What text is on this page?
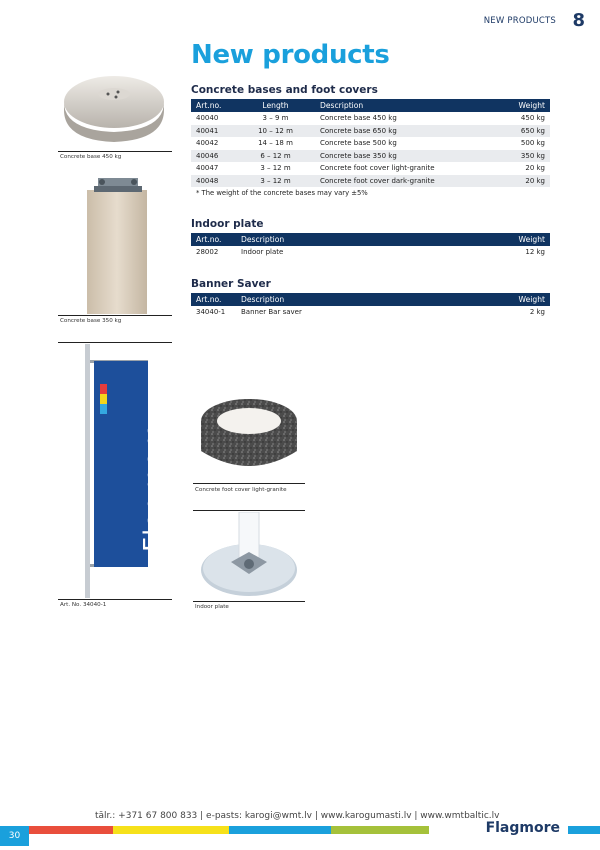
NEW PRODUCTS 8
New products
Concrete bases and foot covers
Art.no.	Length	Description	Weight
40040	3 – 9 m	Concrete base 450 kg	450 kg
40041	10 – 12 m	Concrete base 650 kg	650 kg
40042	14 – 18 m	Concrete base 500 kg	500 kg
40046	6 – 12 m	Concrete base 350 kg	350 kg
40047	3 – 12 m	Concrete foot cover light-granite	20 kg
40048	3 – 12 m	Concrete foot cover dark-granite	20 kg
* The weight of the concrete bases may vary ±5%
Indoor plate
Art.no.	Description	Weight
28002	Indoor plate	12 kg
Banner Saver
Art.no.	Description	Weight
34040-1	Banner Bar saver	2 kg
Concrete base 450 kg
Concrete base 350 kg
Flagmore
Art. No. 34040-1
Concrete foot cover light-granite
Indoor plate
tālr.: +371 67 800 833 | e-pasts: karogi@wmt.lv | www.karogumasti.lv | www.wmtbaltic.lv
Flagmore
30
